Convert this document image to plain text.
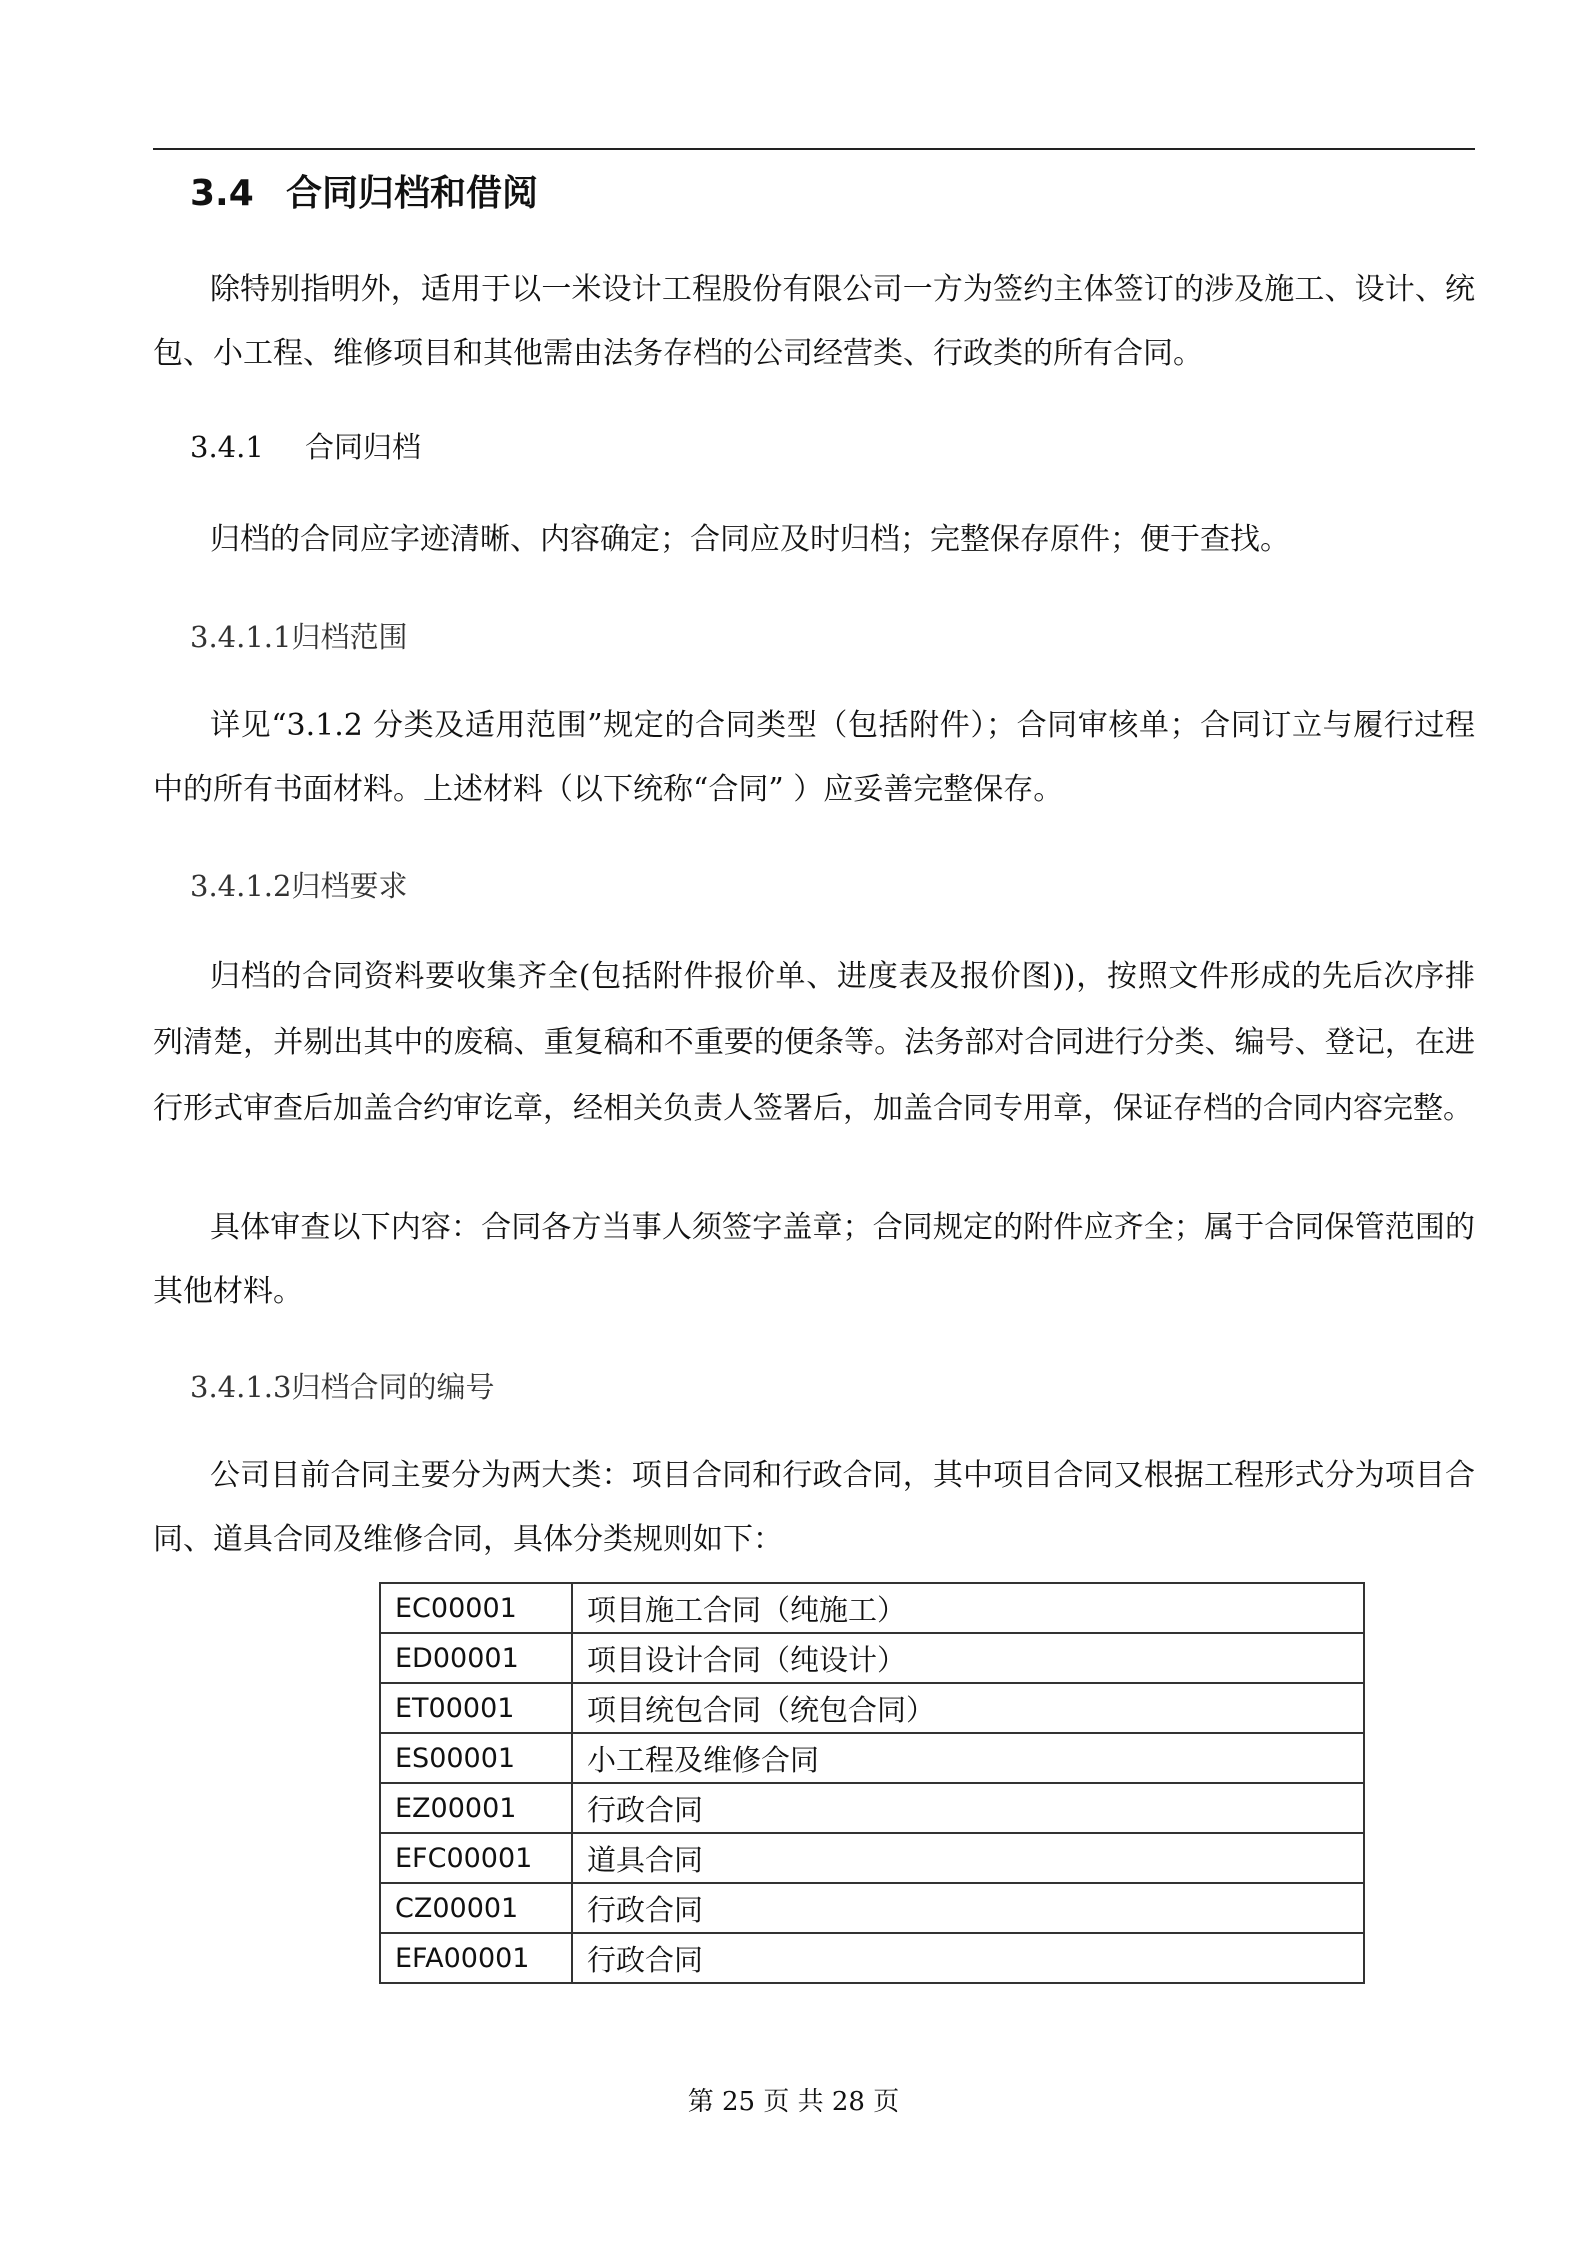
3.4 合同归档和借阅

除特别指明外，适用于以一米设计工程股份有限公司一方为签约主体签订的涉及施工、设计、统包、小工程、维修项目和其他需由法务存档的公司经营类、行政类的所有合同。

3.4.1 合同归档

归档的合同应字迹清晰、内容确定；合同应及时归档；完整保存原件；便于查找。

3.4.1.1归档范围

详见“3.1.2 分类及适用范围”规定的合同类型（包括附件）；合同审核单；合同订立与履行过程中的所有书面材料。上述材料（以下统称“合同” ）应妥善完整保存。

3.4.1.2归档要求

归档的合同资料要收集齐全(包括附件报价单、进度表及报价图))，按照文件形成的先后次序排列清楚，并剔出其中的废稿、重复稿和不重要的便条等。法务部对合同进行分类、编号、登记，在进行形式审查后加盖合约审讫章，经相关负责人签署后，加盖合同专用章，保证存档的合同内容完整。

具体审查以下内容：合同各方当事人须签字盖章；合同规定的附件应齐全；属于合同保管范围的其他材料。

3.4.1.3归档合同的编号

公司目前合同主要分为两大类：项目合同和行政合同，其中项目合同又根据工程形式分为项目合同、道具合同及维修合同，具体分类规则如下：

EC00001	项目施工合同（纯施工）
ED00001	项目设计合同（纯设计）
ET00001	项目统包合同（统包合同）
ES00001	小工程及维修合同
EZ00001	行政合同
EFC00001	道具合同
CZ00001	行政合同
EFA00001	行政合同
第 25 页 共 28 页
